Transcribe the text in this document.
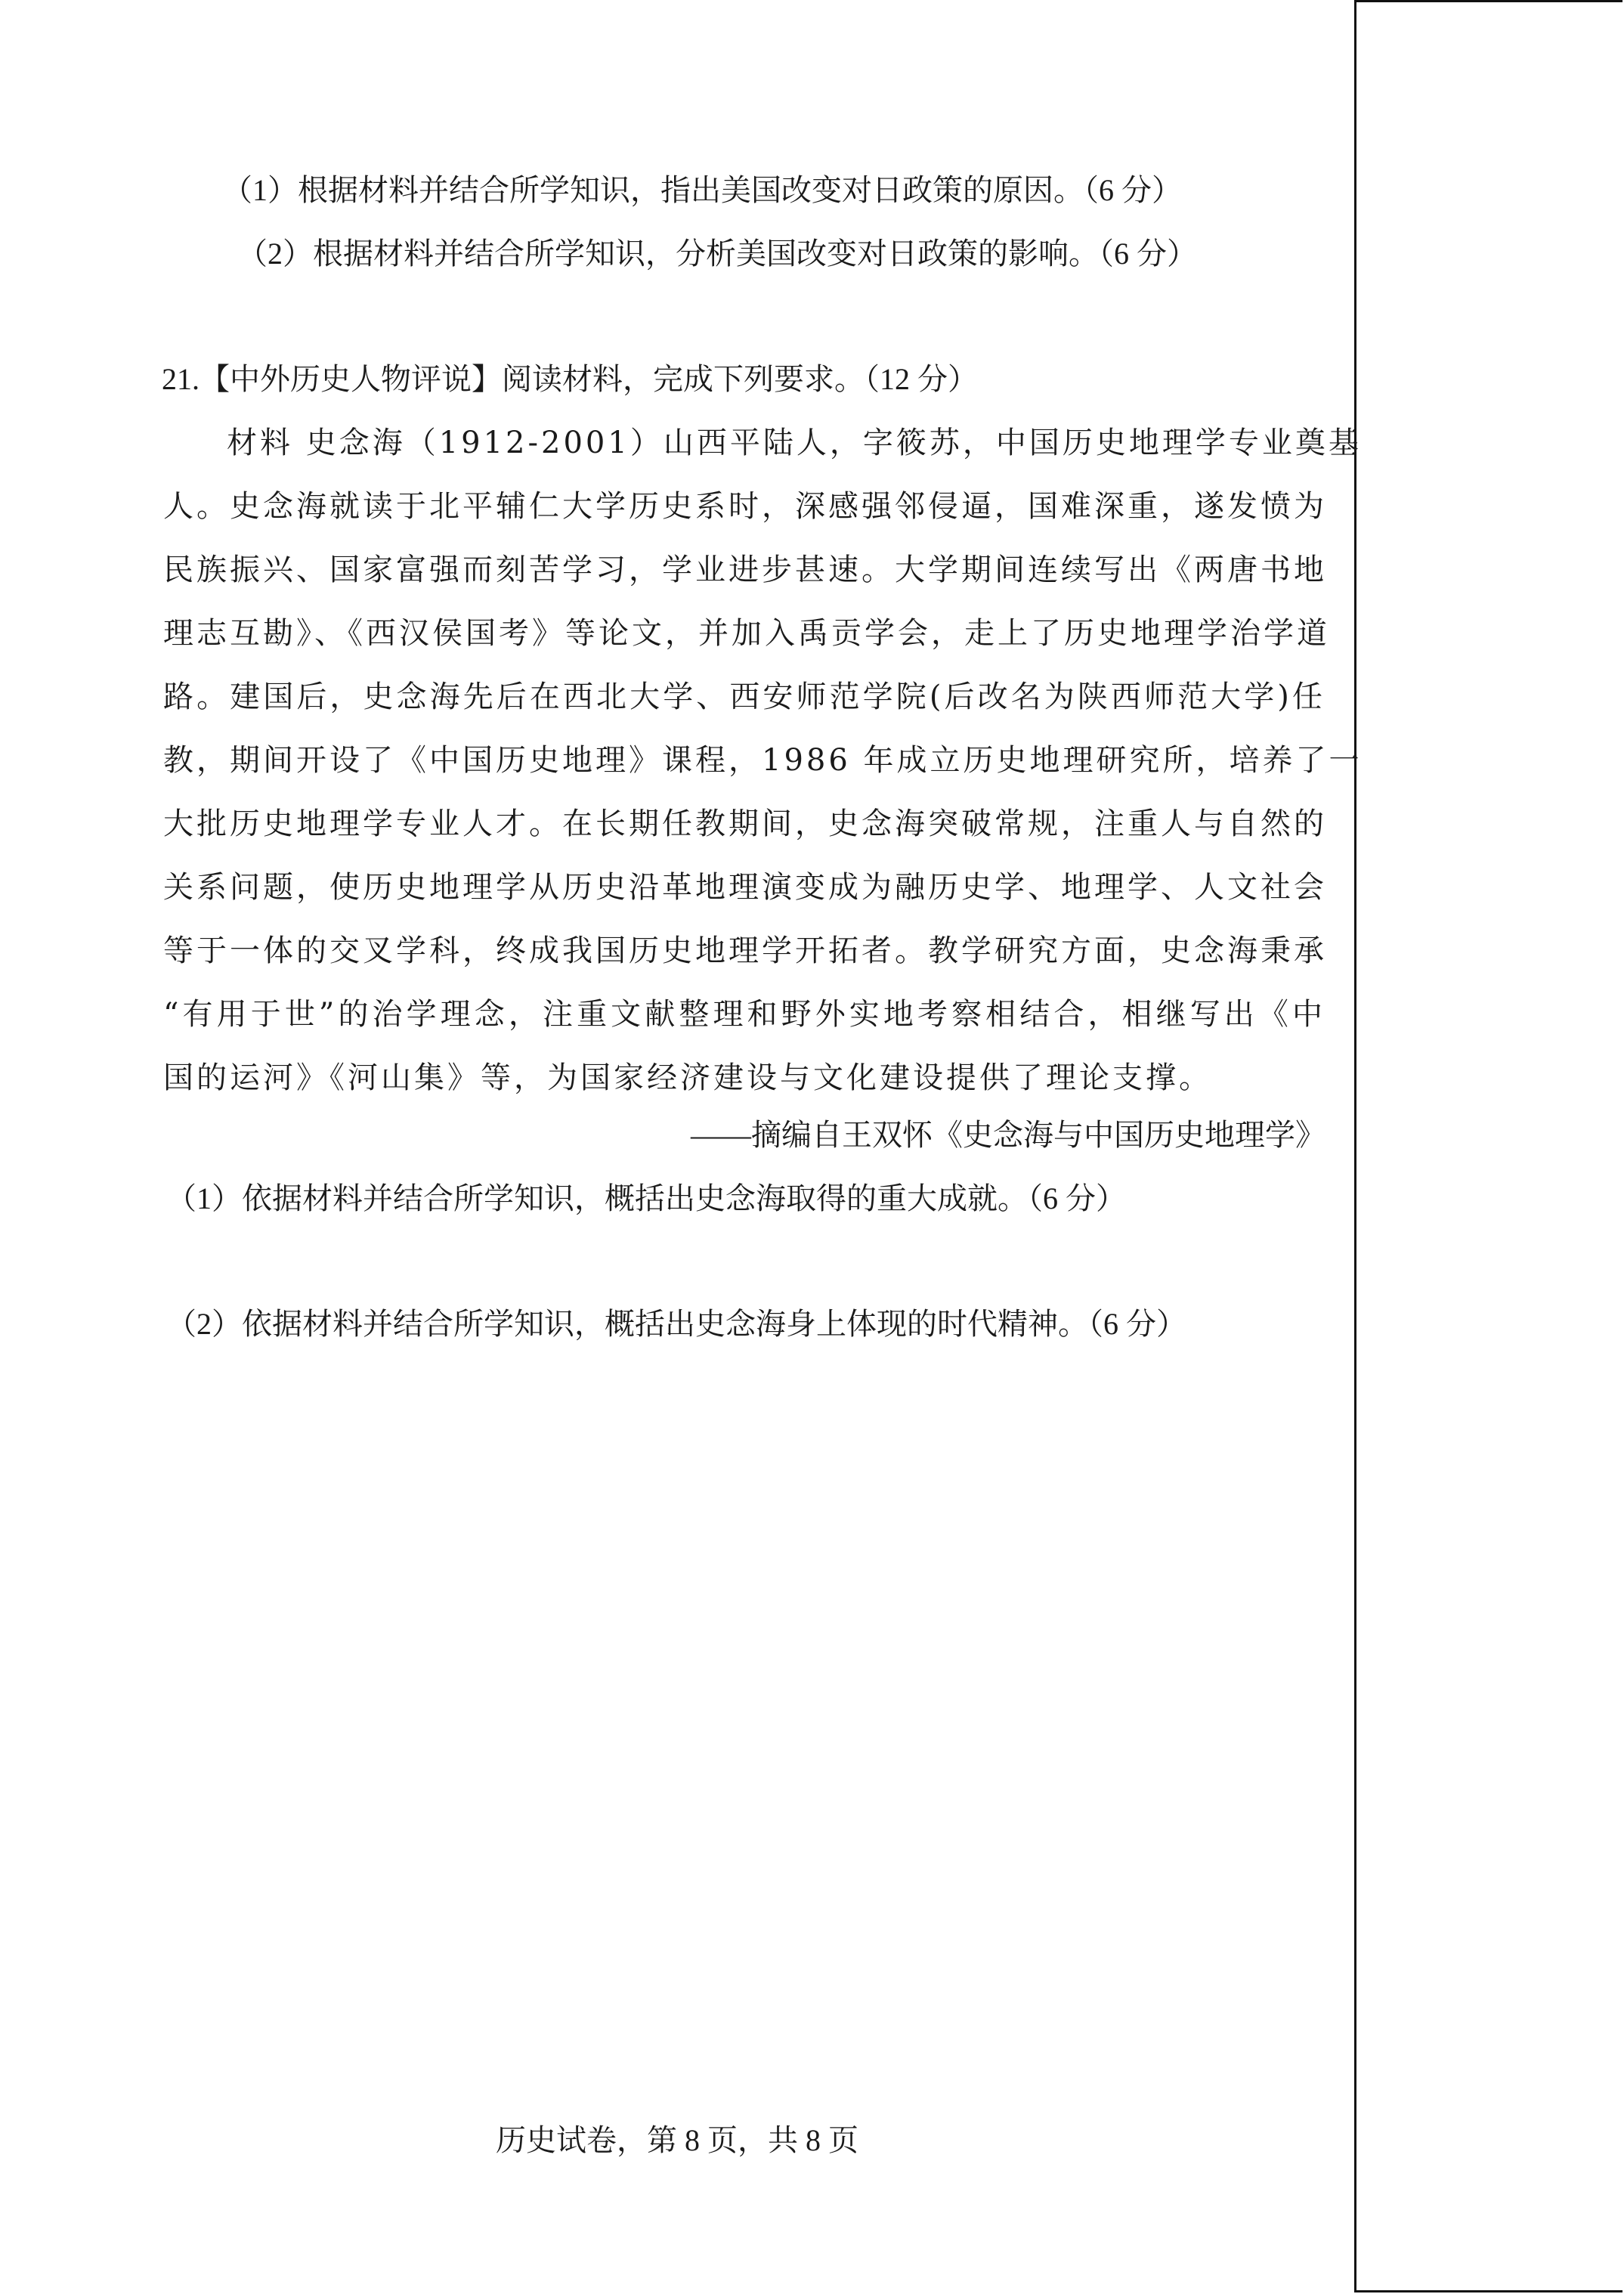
（1）根据材料并结合所学知识，指出美国改变对日政策的原因。（6 分）
（2）根据材料并结合所学知识，分析美国改变对日政策的影响。（6 分）
21.【中外历史人物评说】阅读材料，完成下列要求。（12 分）
材料 史念海（1912-2001）山西平陆人，字筱苏，中国历史地理学专业奠基
人。史念海就读于北平辅仁大学历史系时，深感强邻侵逼，国难深重，遂发愤为
民族振兴、国家富强而刻苦学习，学业进步甚速。大学期间连续写出《两唐书地
理志互勘》、《西汉侯国考》等论文，并加入禹贡学会，走上了历史地理学治学道
路。建国后，史念海先后在西北大学、西安师范学院(后改名为陕西师范大学)任
教，期间开设了《中国历史地理》课程，1986 年成立历史地理研究所，培养了一
大批历史地理学专业人才。在长期任教期间，史念海突破常规，注重人与自然的
关系问题，使历史地理学从历史沿革地理演变成为融历史学、地理学、人文社会
等于一体的交叉学科，终成我国历史地理学开拓者。教学研究方面，史念海秉承
“有用于世”的治学理念，注重文献整理和野外实地考察相结合，相继写出《中
国的运河》《河山集》等，为国家经济建设与文化建设提供了理论支撑。
——摘编自王双怀《史念海与中国历史地理学》
（1）依据材料并结合所学知识，概括出史念海取得的重大成就。（6 分）
（2）依据材料并结合所学知识，概括出史念海身上体现的时代精神。（6 分）
历史试卷，第 8 页，共 8 页
